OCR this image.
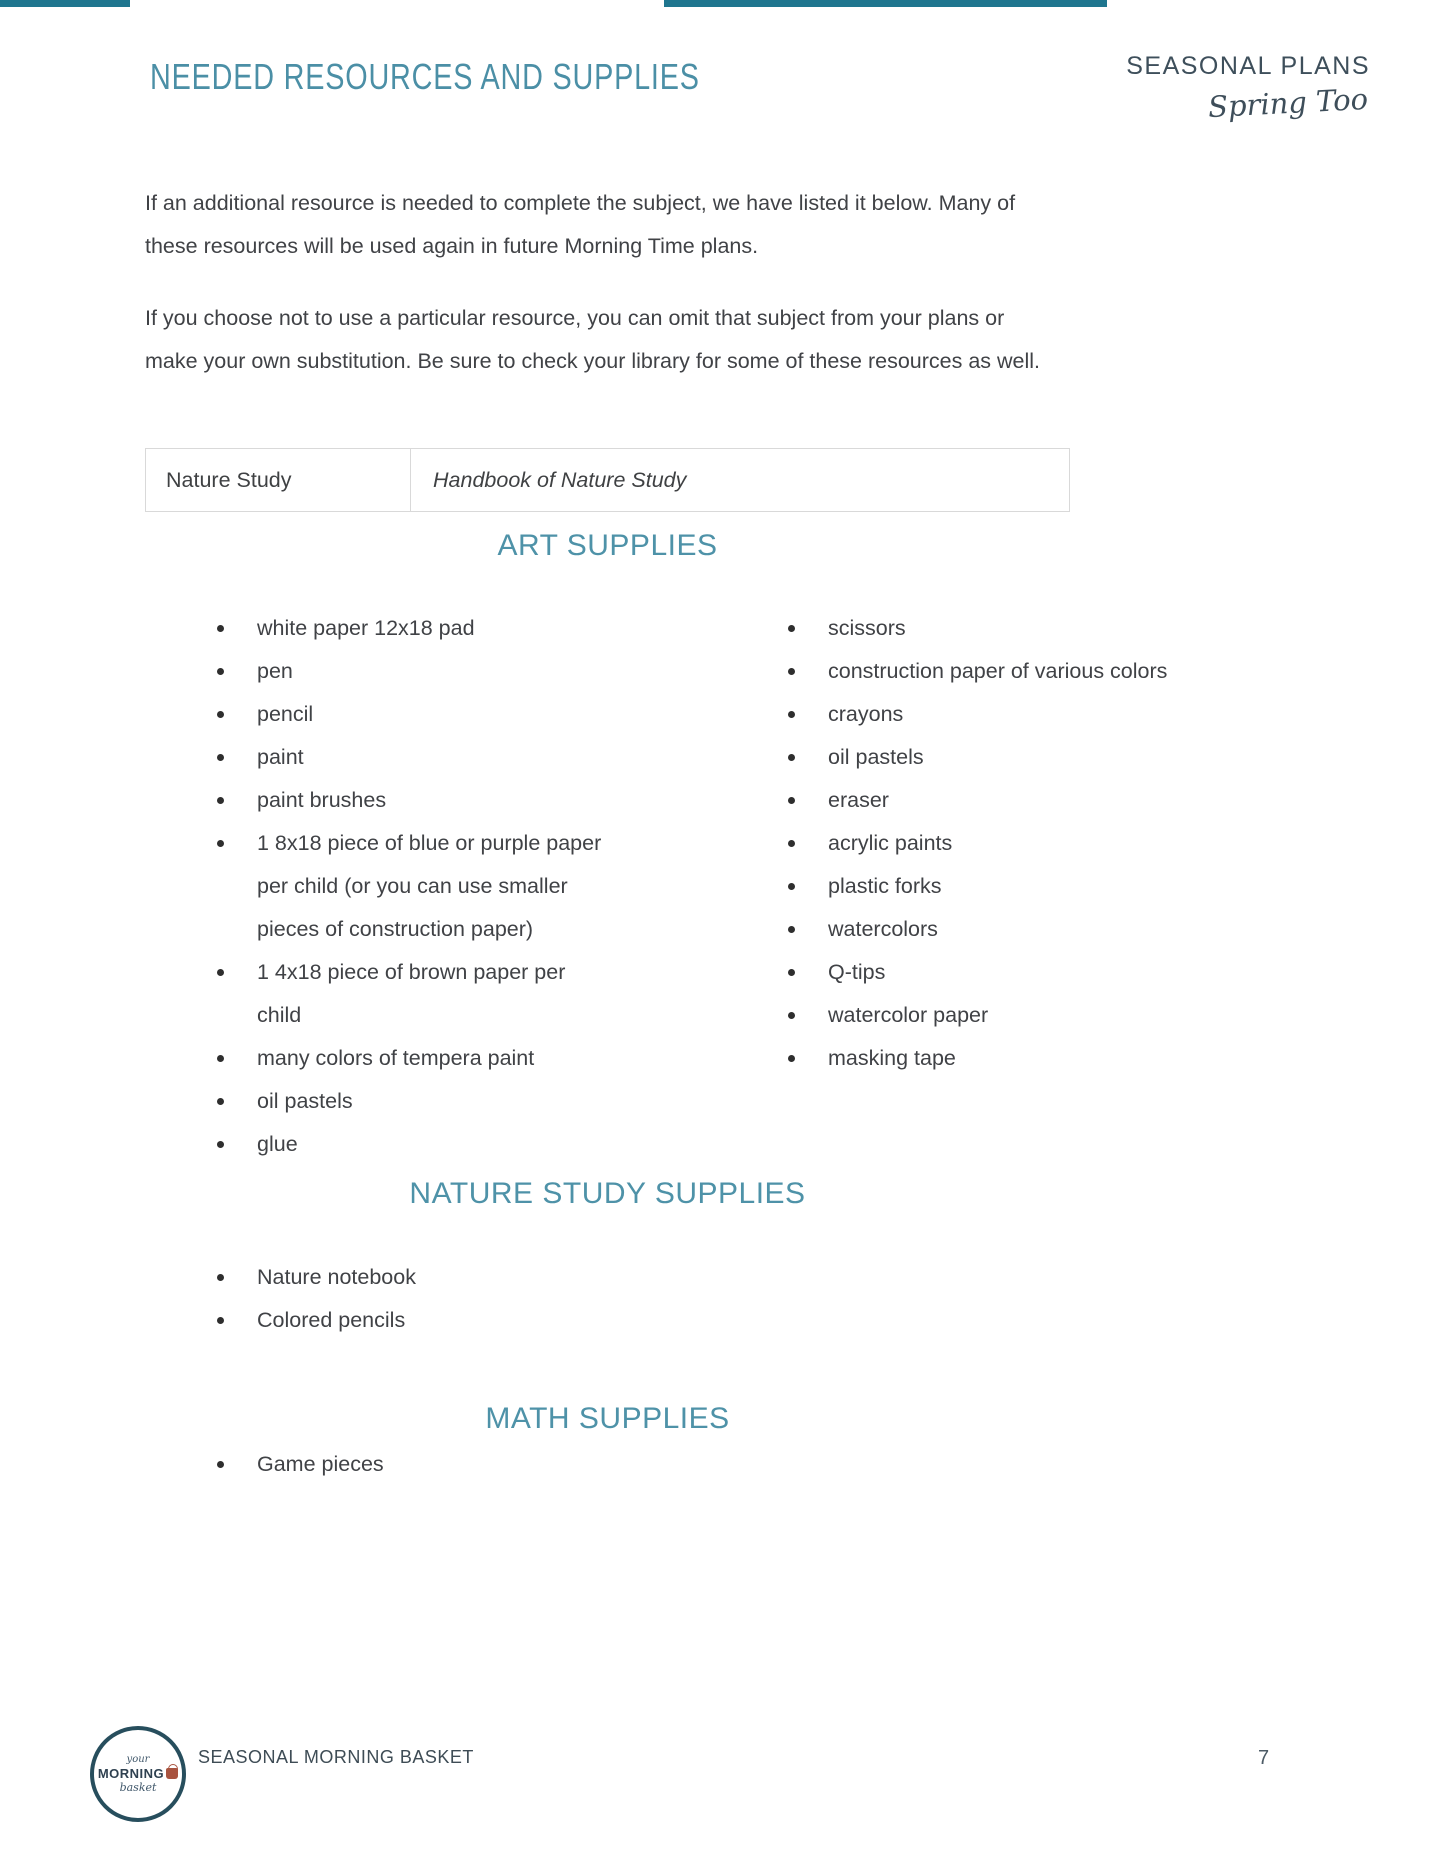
NEEDED RESOURCES AND SUPPLIES	SEASONAL PLANS
Spring Too
If an additional resource is needed to complete the subject, we have listed it below. Many of
these resources will be used again in future Morning Time plans.
If you choose not to use a particular resource, you can omit that subject from your plans or
make your own substitution. Be sure to check your library for some of these resources as well.
Nature Study	Handbook of Nature Study
ART SUPPLIES
white paper 12x18 pad
pen
pencil
paint
paint brushes
1 8x18 piece of blue or purple paper
per child (or you can use smaller
pieces of construction paper)
1 4x18 piece of brown paper per
child
many colors of tempera paint
oil pastels
glue
scissors
construction paper of various colors
crayons
oil pastels
eraser
acrylic paints
plastic forks
watercolors
Q-tips
watercolor paper
masking tape
NATURE STUDY SUPPLIES
Nature notebook
Colored pencils
MATH SUPPLIES
Game pieces
your
MORNING
basket
SEASONAL MORNING BASKET	7
